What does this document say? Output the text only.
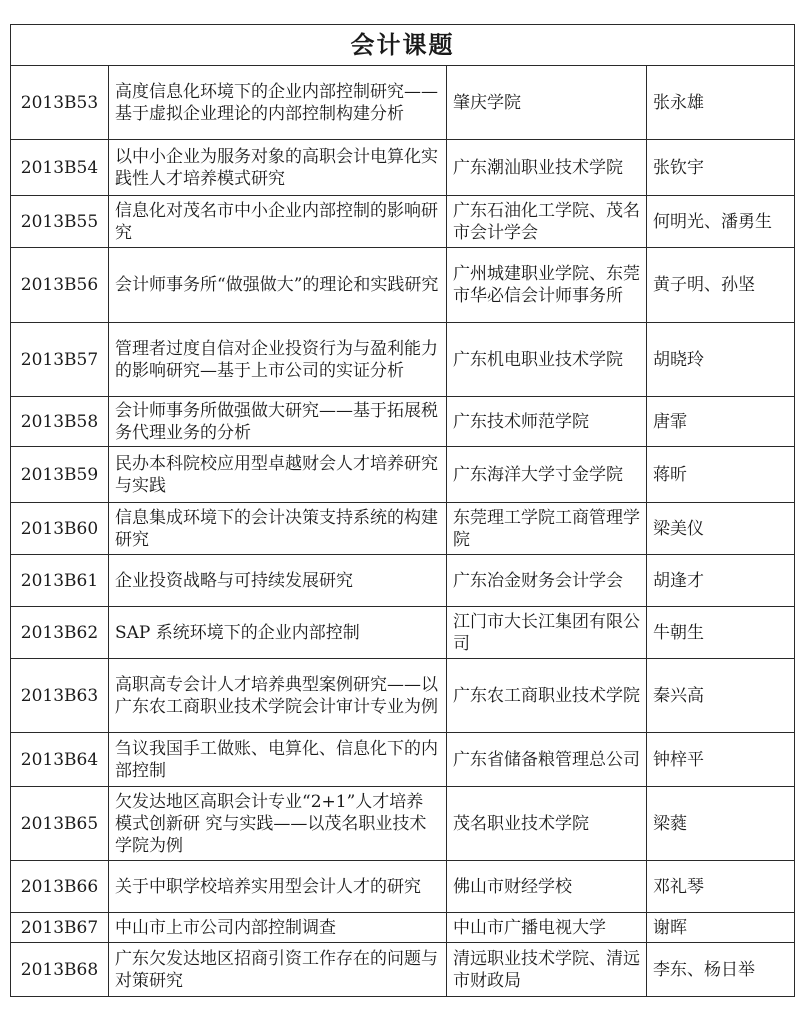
会计课题			
2013B53	高度信息化环境下的企业内部控制研究——基于虚拟企业理论的内部控制构建分析	肇庆学院	张永雄
2013B54	以中小企业为服务对象的高职会计电算化实践性人才培养模式研究	广东潮汕职业技术学院	张钦宇
2013B55	信息化对茂名市中小企业内部控制的影响研究	广东石油化工学院、茂名市会计学会	何明光、潘勇生
2013B56	会计师事务所“做强做大”的理论和实践研究	广州城建职业学院、东莞市华必信会计师事务所	黄子明、孙坚
2013B57	管理者过度自信对企业投资行为与盈利能力的影响研究—基于上市公司的实证分析	广东机电职业技术学院	胡晓玲
2013B58	会计师事务所做强做大研究——基于拓展税务代理业务的分析	广东技术师范学院	唐霏
2013B59	民办本科院校应用型卓越财会人才培养研究与实践	广东海洋大学寸金学院	蒋昕
2013B60	信息集成环境下的会计决策支持系统的构建研究	东莞理工学院工商管理学院	梁美仪
2013B61	企业投资战略与可持续发展研究	广东冶金财务会计学会	胡逢才
2013B62	SAP 系统环境下的企业内部控制	江门市大长江集团有限公司	牛朝生
2013B63	高职高专会计人才培养典型案例研究——以广东农工商职业技术学院会计审计专业为例	广东农工商职业技术学院	秦兴高
2013B64	刍议我国手工做账、电算化、信息化下的内部控制	广东省储备粮管理总公司	钟梓平
2013B65	欠发达地区高职会计专业“2+1”人才培养模式创新研 究与实践——以茂名职业技术学院为例	茂名职业技术学院	梁蕤
2013B66	关于中职学校培养实用型会计人才的研究	佛山市财经学校	邓礼琴
2013B67	中山市上市公司内部控制调查	中山市广播电视大学	谢晖
2013B68	广东欠发达地区招商引资工作存在的问题与对策研究	清远职业技术学院、清远市财政局	李东、杨日举
